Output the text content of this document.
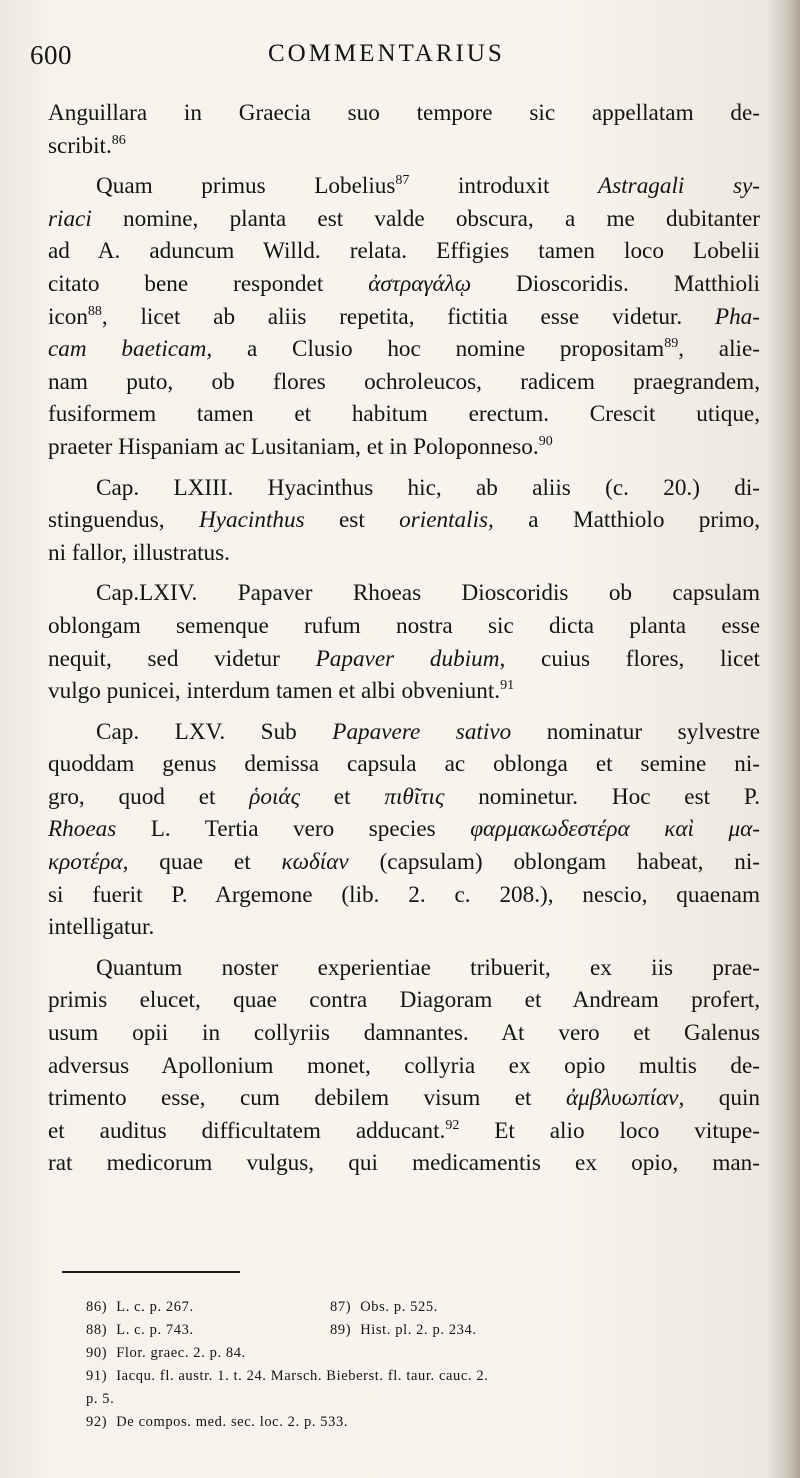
600	COMMENTARIUS
Anguillara in Graecia suo tempore sic appellatam de-
scribit.$^{86}$
Quam primus Lobelius$^{87}$ introduxit Astragali sy-
riaci nomine, planta est valde obscura, a me dubitanter
ad A. aduncum Willd. relata. Effigies tamen loco Lobelii
citato bene respondet ἀστραγάλῳ Dioscoridis. Matthioli
icon$^{88}$, licet ab aliis repetita, fictitia esse videtur. Pha-
cam baeticam, a Clusio hoc nomine propositam$^{89}$, alie-
nam puto, ob flores ochroleucos, radicem praegrandem,
fusiformem tamen et habitum erectum. Crescit utique,
praeter Hispaniam ac Lusitaniam, et in Poloponneso.$^{90}$
Cap. LXIII. Hyacinthus hic, ab aliis (c. 20.) di-
stinguendus, Hyacinthus est orientalis, a Matthiolo primo,
ni fallor, illustratus.
Cap.LXIV. Papaver Rhoeas Dioscoridis ob capsulam
oblongam semenque rufum nostra sic dicta planta esse
nequit, sed videtur Papaver dubium, cuius flores, licet
vulgo punicei, interdum tamen et albi obveniunt.$^{91}$
Cap. LXV. Sub Papavere sativo nominatur sylvestre
quoddam genus demissa capsula ac oblonga et semine ni-
gro, quod et ῥοιάς et πιθῖτις nominetur. Hoc est P.
Rhoeas L. Tertia vero species φαρμακωδεστέρα καὶ μα-
κροτέρα, quae et κωδίαν (capsulam) oblongam habeat, ni-
si fuerit P. Argemone (lib. 2. c. 208.), nescio, quaenam
intelligatur.
Quantum noster experientiae tribuerit, ex iis prae-
primis elucet, quae contra Diagoram et Andream profert,
usum opii in collyriis damnantes. At vero et Galenus
adversus Apollonium monet, collyria ex opio multis de-
trimento esse, cum debilem visum et ἀμβλυωπίαν, quin
et auditus difficultatem adducant.$^{92}$ Et alio loco vitupe-
rat medicorum vulgus, qui medicamentis ex opio, man-
86) L. c. p. 267.	87) Obs. p. 525.
88) L. c. p. 743.	89) Hist. pl. 2. p. 234.
90)
Flor. graec. 2. p. 84.
91)
Iacqu. fl. austr. 1. t. 24. Marsch. Bieberst. fl. taur. cauc. 2.
p. 5.
92)
De compos. med. sec. loc. 2. p. 533.
